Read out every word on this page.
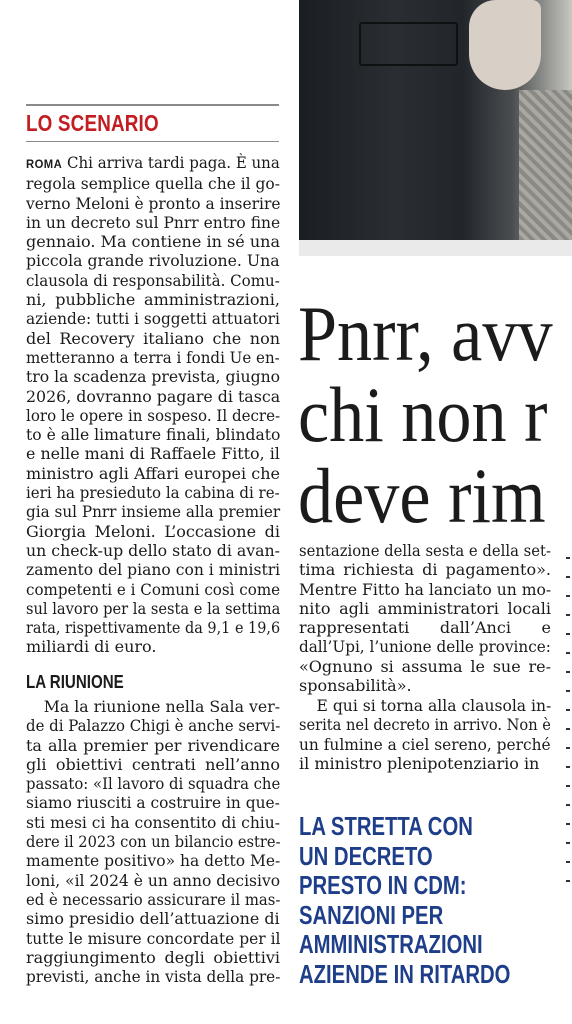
LO SCENARIO

ROMA Chi arriva tardi paga. È una
regola semplice quella che il go-
verno Meloni è pronto a inserire
in un decreto sul Pnrr entro fine
gennaio. Ma contiene in sé una
piccola grande rivoluzione. Una
clausola di responsabilità. Comu-
ni, pubbliche amministrazioni,
aziende: tutti i soggetti attuatori
del Recovery italiano che non
metteranno a terra i fondi Ue en-
tro la scadenza prevista, giugno
2026, dovranno pagare di tasca
loro le opere in sospeso. Il decre-
to è alle limature finali, blindato
e nelle mani di Raffaele Fitto, il
ministro agli Affari europei che
ieri ha presieduto la cabina di re-
gia sul Pnrr insieme alla premier
Giorgia Meloni. L’occasione di
un check-up dello stato di avan-
zamento del piano con i ministri
competenti e i Comuni così come
sul lavoro per la sesta e la settima
rata, rispettivamente da 9,1 e 19,6
miliardi di euro.

LA RIUNIONE

Ma la riunione nella Sala ver-
de di Palazzo Chigi è anche servi-
ta alla premier per rivendicare
gli obiettivi centrati nell’anno
passato: «Il lavoro di squadra che
siamo riusciti a costruire in que-
sti mesi ci ha consentito di chiu-
dere il 2023 con un bilancio estre-
mamente positivo» ha detto Me-
loni, «il 2024 è un anno decisivo
ed è necessario assicurare il mas-
simo presidio dell’attuazione di
tutte le misure concordate per il
raggiungimento degli obiettivi
previsti, anche in vista della pre-

Pnrr, avv
chi non r
deve rim

sentazione della sesta e della set-
tima richiesta di pagamento».
Mentre Fitto ha lanciato un mo-
nito agli amministratori locali
rappresentati dall’Anci e
dall’Upi, l’unione delle province:
«Ognuno si assuma le sue re-
sponsabilità».

E qui si torna alla clausola in-
serita nel decreto in arrivo. Non è
un fulmine a ciel sereno, perché
il ministro plenipotenziario in

LA STRETTA CON
UN DECRETO
PRESTO IN CDM:
SANZIONI PER
AMMINISTRAZIONI
AZIENDE IN RITARDO
